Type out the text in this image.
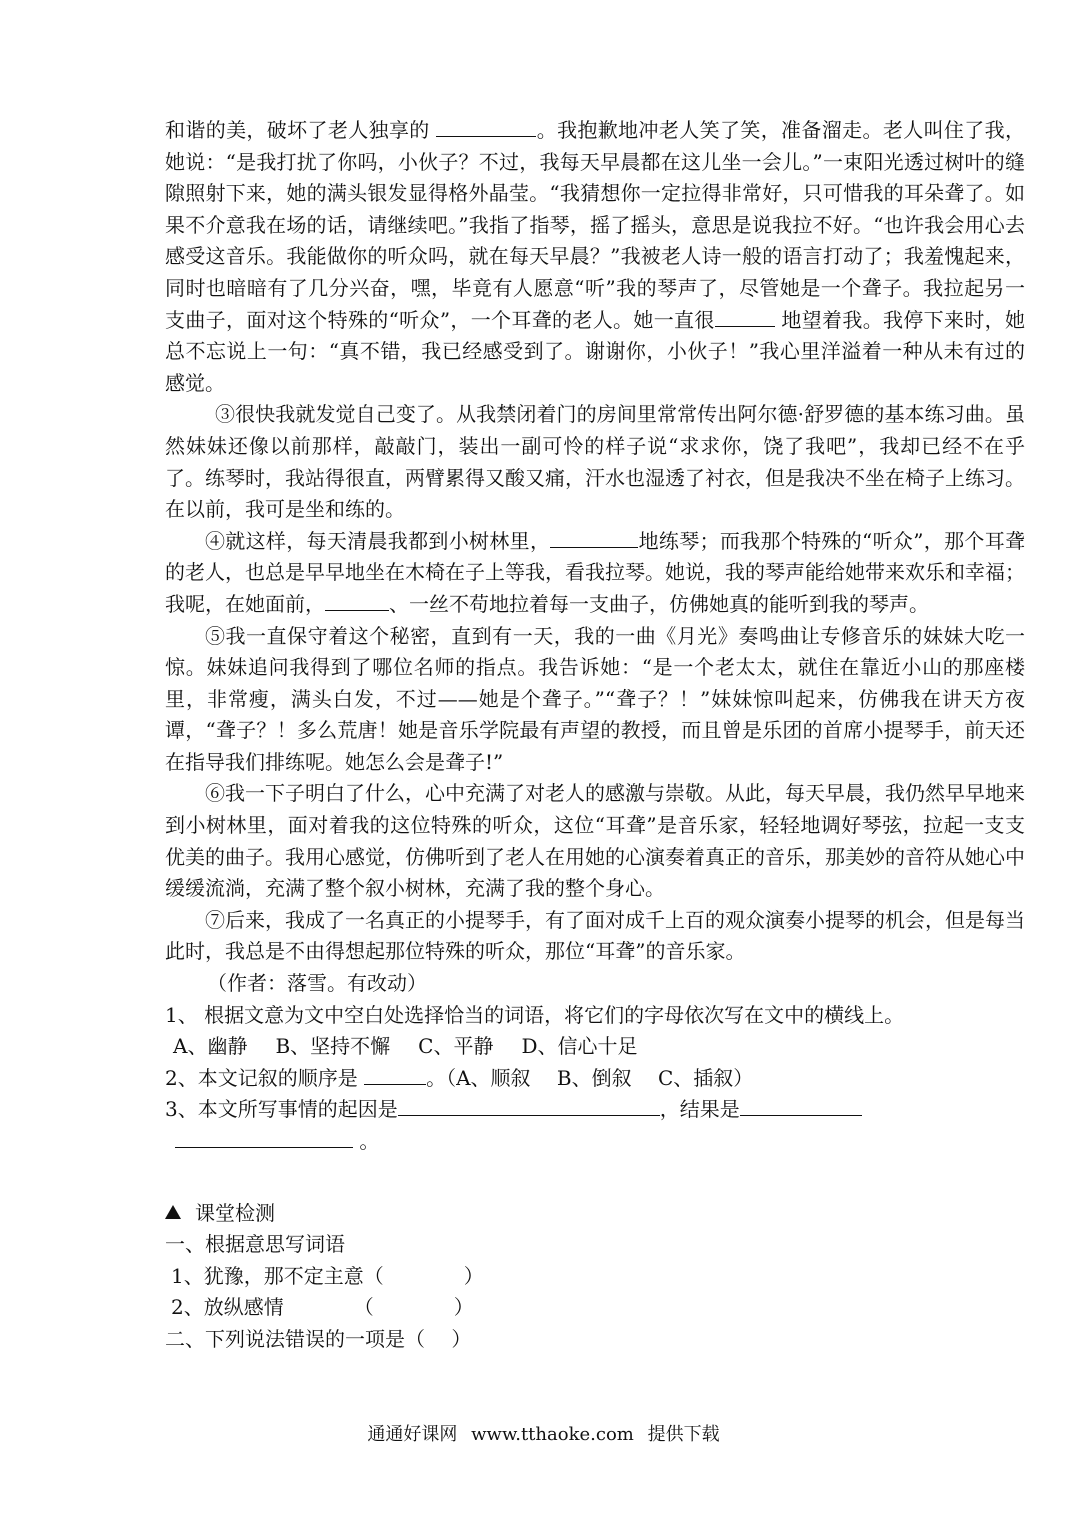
和谐的美，破坏了老人独享的	。我抱歉地冲老人笑了笑，准备溜走。老人叫住了我，她说：“是我打扰了你吗，小伙子？不过，我每天早晨都在这儿坐一会儿。”一束阳光透过树叶的缝隙照射下来，她的满头银发显得格外晶莹。“我猜想你一定拉得非常好，只可惜我的耳朵聋了。如果不介意我在场的话，请继续吧。”我指了指琴，摇了摇头，意思是说我拉不好。“也许我会用心去感受这音乐。我能做你的听众吗，就在每天早晨？”我被老人诗一般的语言打动了；我羞愧起来，同时也暗暗有了几分兴奋，嘿，毕竟有人愿意“听”我的琴声了，尽管她是一个聋子。我拉起另一支曲子，面对这个特殊的“听众”，一个耳聋的老人。她一直很	地望着我。我停下来时，她总不忘说上一句：“真不错，我已经感受到了。谢谢你，小伙子！”我心里洋溢着一种从未有过的感觉。

③很快我就发觉自己变了。从我禁闭着门的房间里常常传出阿尔德·舒罗德的基本练习曲。虽然妹妹还像以前那样，敲敲门，装出一副可怜的样子说“求求你，饶了我吧”，我却已经不在乎了。练琴时，我站得很直，两臂累得又酸又痛，汗水也湿透了衬衣，但是我决不坐在椅子上练习。在以前，我可是坐和练的。

④就这样，每天清晨我都到小树林里，	地练琴；而我那个特殊的“听众”，那个耳聋的老人，也总是早早地坐在木椅在子上等我，看我拉琴。她说，我的琴声能给她带来欢乐和幸福；我呢，在她面前，	、一丝不苟地拉着每一支曲子，仿佛她真的能听到我的琴声。

⑤我一直保守着这个秘密，直到有一天，我的一曲《月光》奏鸣曲让专修音乐的妹妹大吃一惊。妹妹追问我得到了哪位名师的指点。我告诉她：“是一个老太太，就住在靠近小山的那座楼里，非常瘦，满头白发，不过——她是个聋子。”“聋子？！”妹妹惊叫起来，仿佛我在讲天方夜谭，“聋子？！多么荒唐！她是音乐学院最有声望的教授，而且曾是乐团的首席小提琴手，前天还在指导我们排练呢。她怎么会是聋子!”

⑥我一下子明白了什么，心中充满了对老人的感激与崇敬。从此，每天早晨，我仍然早早地来到小树林里，面对着我的这位特殊的听众，这位“耳聋”是音乐家，轻轻地调好琴弦，拉起一支支优美的曲子。我用心感觉，仿佛听到了老人在用她的心演奏着真正的音乐，那美妙的音符从她心中缓缓流淌，充满了整个叙小树林，充满了我的整个身心。

⑦后来，我成了一名真正的小提琴手，有了面对成千上百的观众演奏小提琴的机会，但是每当此时，我总是不由得想起那位特殊的听众，那位“耳聋”的音乐家。

（作者：落雪。有改动）

1、 根据文意为文中空白处选择恰当的词语，将它们的字母依次写在文中的横线上。

A、幽静 B、坚持不懈 C、平静 D、信心十足

2、本文记叙的顺序是	。（A、顺叙　 B、倒叙　 C、插叙）

3、本文所写事情的起因是	，结果是

。

课堂检测

一、根据意思写词语

1、犹豫，那不定主意（　　　　）

2、放纵感情　　　　（　　　　）

二、下列说法错误的一项是（　 ）

通通好课网 www.tthaoke.com 提供下载
